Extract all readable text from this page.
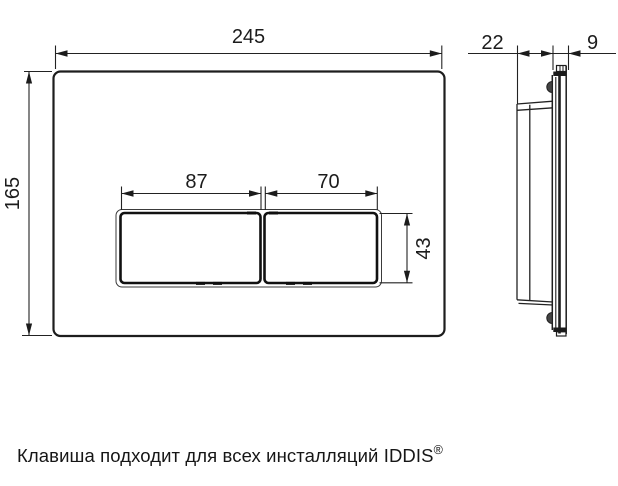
245
165	87	70
43
22	9
Клавиша подходит для всех инсталляций IDDIS®
